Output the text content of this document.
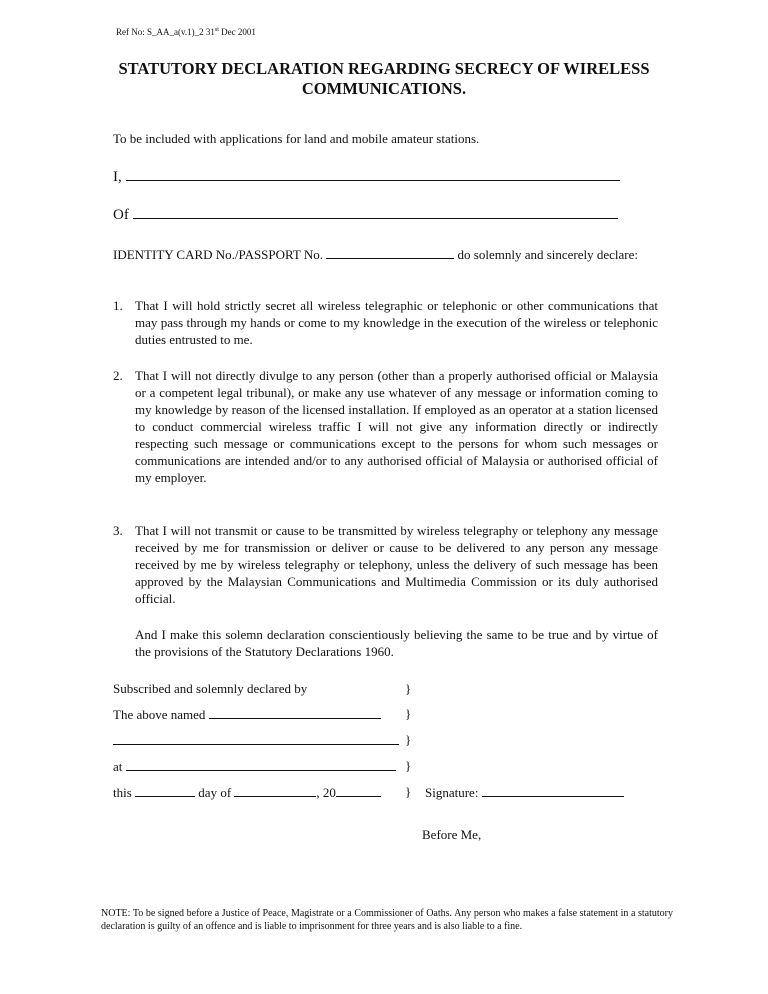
Ref No: S_AA_a(v.1)_2 31st Dec 2001
STATUTORY DECLARATION REGARDING SECRECY OF WIRELESS COMMUNICATIONS.
To be included with applications for land and mobile amateur stations.
I,
Of
IDENTITY CARD No./PASSPORT No.	do solemnly and sincerely declare:
1. That I will hold strictly secret all wireless telegraphic or telephonic or other communications that may pass through my hands or come to my knowledge in the execution of the wireless or telephonic duties entrusted to me.
2. That I will not directly divulge to any person (other than a properly authorised official or Malaysia or a competent legal tribunal), or make any use whatever of any message or information coming to my knowledge by reason of the licensed installation. If employed as an operator at a station licensed to conduct commercial wireless traffic I will not give any information directly or indirectly respecting such message or communications except to the persons for whom such messages or communications are intended and/or to any authorised official of Malaysia or authorised official of my employer.
3. That I will not transmit or cause to be transmitted by wireless telegraphy or telephony any message received by me for transmission or deliver or cause to be delivered to any person any message received by me by wireless telegraphy or telephony, unless the delivery of such message has been approved by the Malaysian Communications and Multimedia Commission or its duly authorised official.
And I make this solemn declaration conscientiously believing the same to be true and by virtue of the provisions of the Statutory Declarations 1960.
Subscribed and solemnly declared by	}
The above named	}
}
at	}
this	day of	, 20	} Signature:
Before Me,
NOTE: To be signed before a Justice of Peace, Magistrate or a Commissioner of Oaths. Any person who makes a false statement in a statutory declaration is guilty of an offence and is liable to imprisonment for three years and is also liable to a fine.
